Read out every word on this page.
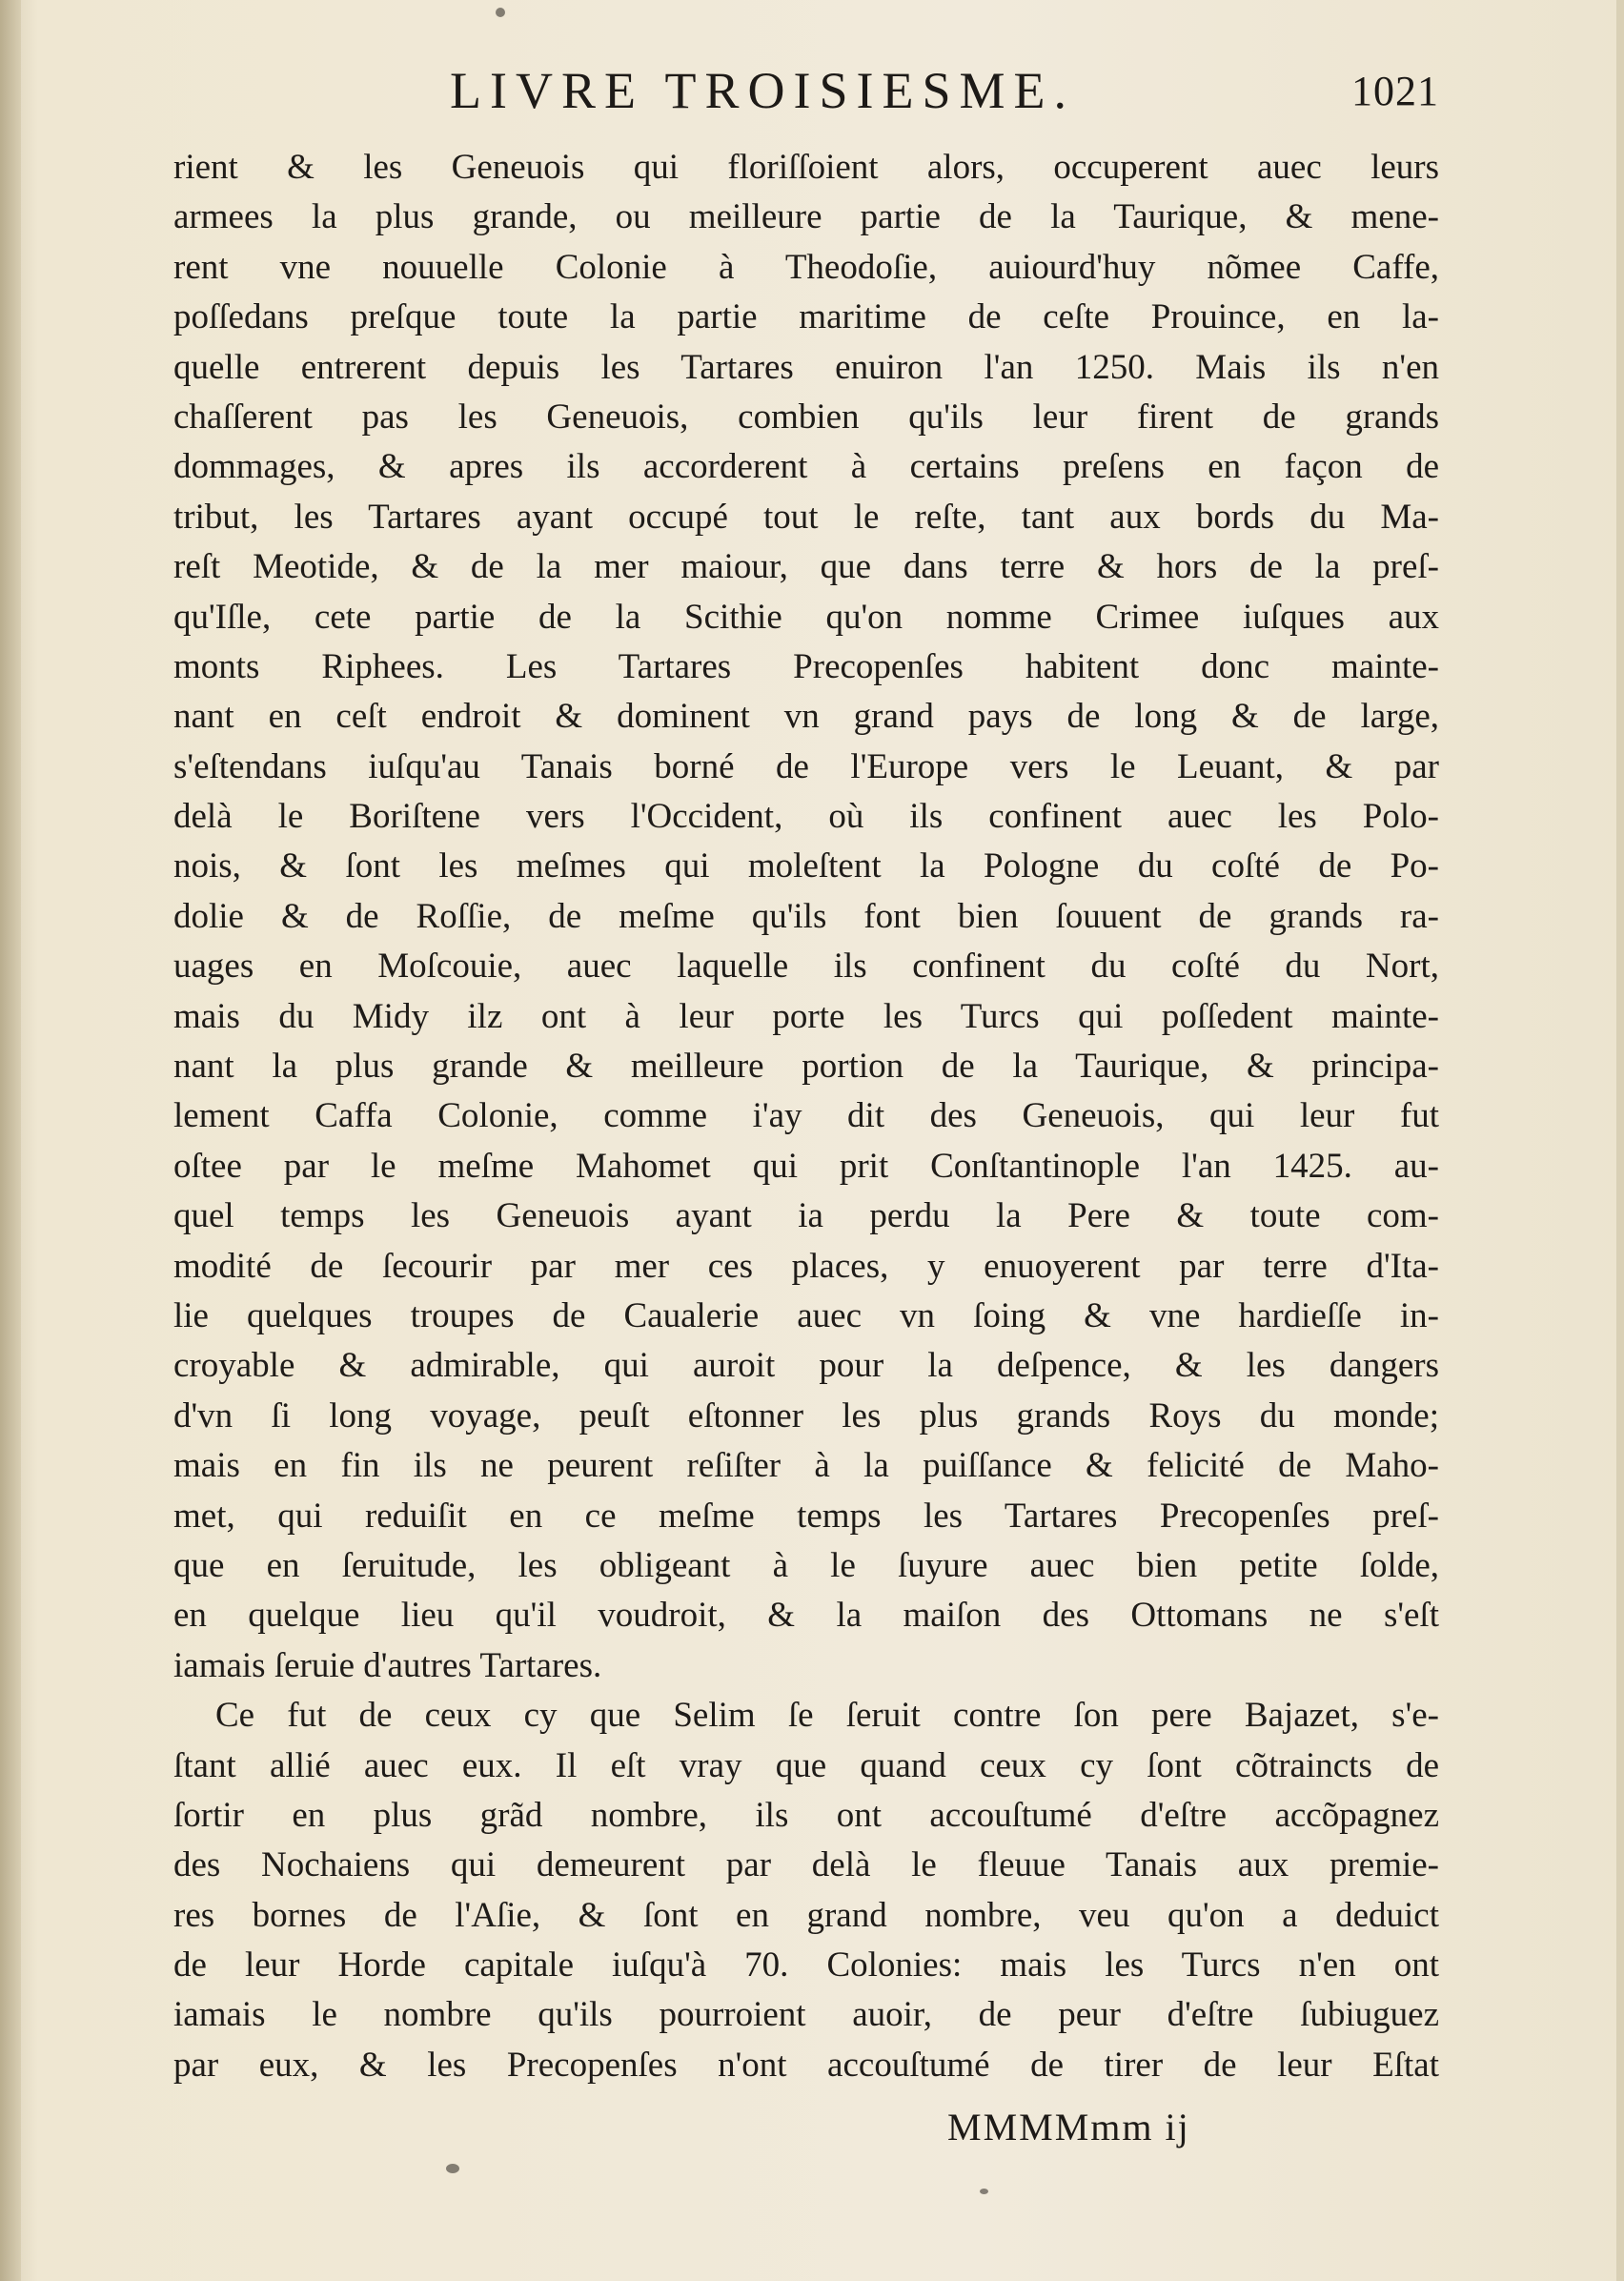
LIVRE TROISIESME.	1021
rient & les Geneuois qui floriſſoient alors, occuperent auec leurs
armees la plus grande, ou meilleure partie de la Taurique, & mene-
rent vne nouuelle Colonie à Theodoſie, auiourd'huy nõmee Caffe,
poſſedans preſque toute la partie maritime de ceſte Prouince, en la-
quelle entrerent depuis les Tartares enuiron l'an 1250. Mais ils n'en
chaſſerent pas les Geneuois, combien qu'ils leur firent de grands
dommages, & apres ils accorderent à certains preſens en façon de
tribut, les Tartares ayant occupé tout le reſte, tant aux bords du Ma-
reſt Meotide, & de la mer maiour, que dans terre & hors de la preſ-
qu'Iſle, cete partie de la Scithie qu'on nomme Crimee iuſques aux
monts Riphees. Les Tartares Precopenſes habitent donc mainte-
nant en ceſt endroit & dominent vn grand pays de long & de large,
s'eſtendans iuſqu'au Tanais borné de l'Europe vers le Leuant, & par
delà le Boriſtene vers l'Occident, où ils confinent auec les Polo-
nois, & ſont les meſmes qui moleſtent la Pologne du coſté de Po-
dolie & de Roſſie, de meſme qu'ils font bien ſouuent de grands ra-
uages en Moſcouie, auec laquelle ils confinent du coſté du Nort,
mais du Midy ilz ont à leur porte les Turcs qui poſſedent mainte-
nant la plus grande & meilleure portion de la Taurique, & principa-
lement Caffa Colonie, comme i'ay dit des Geneuois, qui leur fut
oſtee par le meſme Mahomet qui prit Conſtantinople l'an 1425. au-
quel temps les Geneuois ayant ia perdu la Pere & toute com-
modité de ſecourir par mer ces places, y enuoyerent par terre d'Ita-
lie quelques troupes de Caualerie auec vn ſoing & vne hardieſſe in-
croyable & admirable, qui auroit pour la deſpence, & les dangers
d'vn ſi long voyage, peuſt eſtonner les plus grands Roys du monde;
mais en fin ils ne peurent reſiſter à la puiſſance & felicité de Maho-
met, qui reduiſit en ce meſme temps les Tartares Precopenſes preſ-
que en ſeruitude, les obligeant à le ſuyure auec bien petite ſolde,
en quelque lieu qu'il voudroit, & la maiſon des Ottomans ne s'eſt
iamais ſeruie d'autres Tartares.
Ce fut de ceux cy que Selim ſe ſeruit contre ſon pere Bajazet, s'e-
ſtant allié auec eux. Il eſt vray que quand ceux cy ſont cõtraincts de
ſortir en plus grãd nombre, ils ont accouſtumé d'eſtre accõpagnez
des Nochaiens qui demeurent par delà le fleuue Tanais aux premie-
res bornes de l'Aſie, & ſont en grand nombre, veu qu'on a deduict
de leur Horde capitale iuſqu'à 70. Colonies: mais les Turcs n'en ont
iamais le nombre qu'ils pourroient auoir, de peur d'eſtre ſubiuguez
par eux, & les Precopenſes n'ont accouſtumé de tirer de leur Eſtat
MMMMmm ij
